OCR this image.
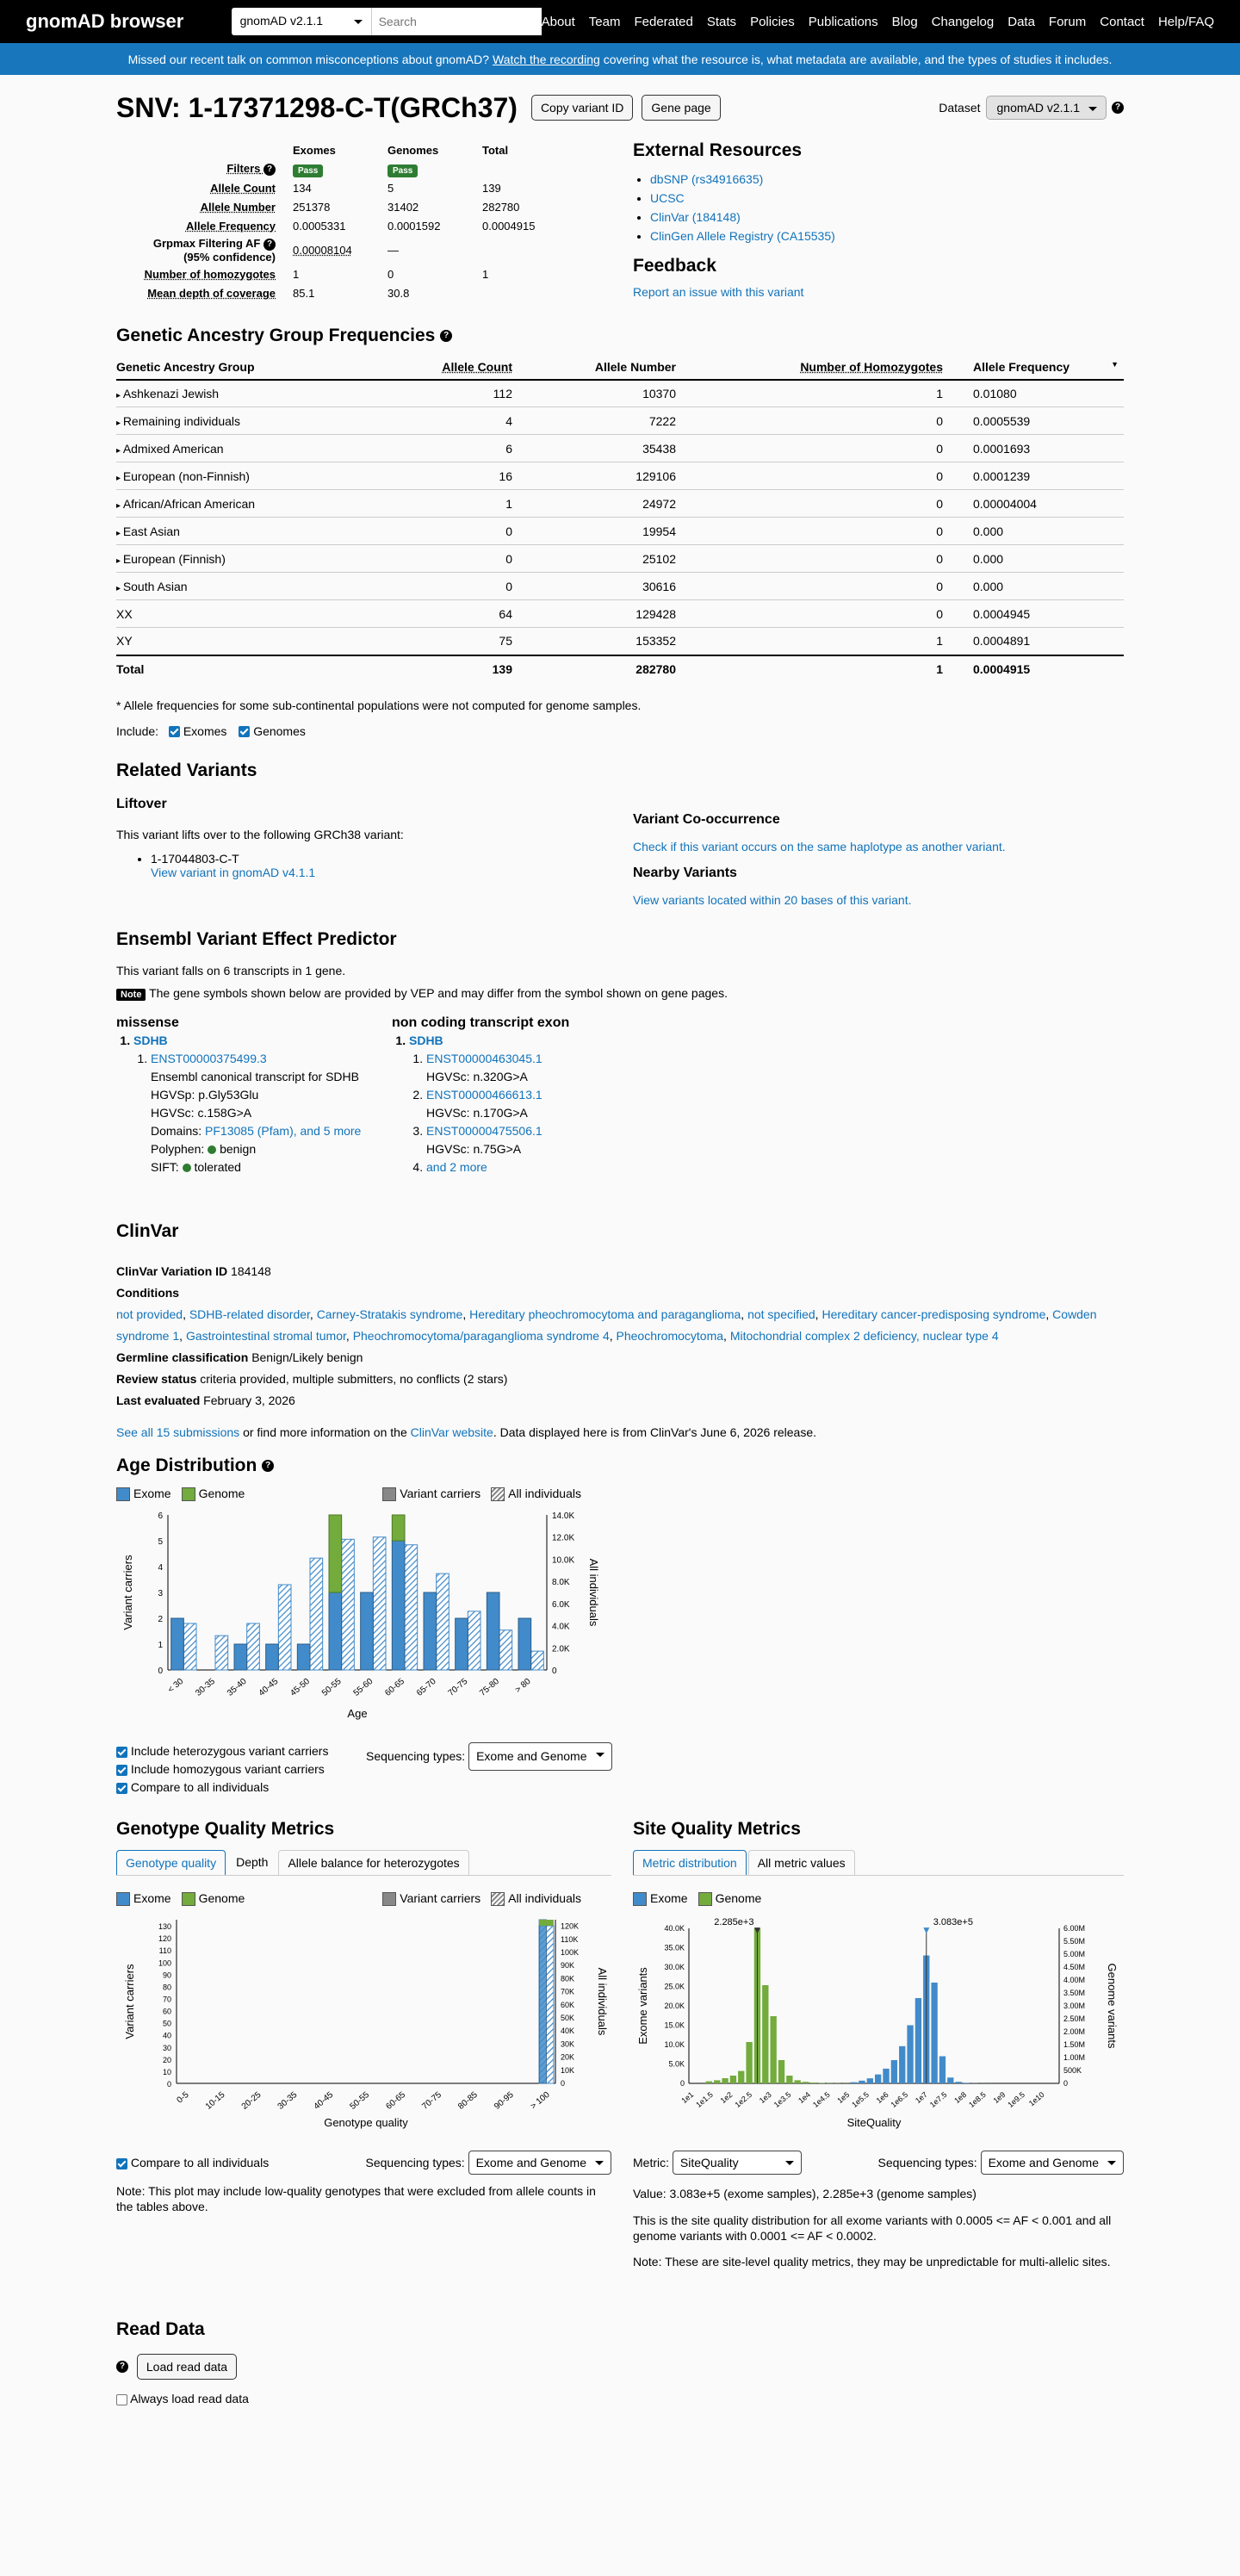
gnomAD browser	gnomAD v2.1.1
Search	About Team Federated Stats Policies Publications Blog Changelog Data Forum Contact Help/FAQ
Missed our recent talk on common misconceptions about gnomAD? Watch the recording covering what the resource is, what metadata are available, and the types of studies it includes.
SNV: 1-17371298-C-T(GRCh37)	Copy variant ID	Gene page	Dataset	gnomAD v2.1.1	?
	Exomes	Genomes	Total
Filters ?	Pass	Pass	
Allele Count	134	5	139
Allele Number	251378	31402	282780
Allele Frequency	0.0005331	0.0001592	0.0004915
Grpmax Filtering AF ?
(95% confidence)	0.00008104	—	
Number of homozygotes	1	0	1
Mean depth of coverage	85.1	30.8	
External Resources
• dbSNP (rs34916635)
• UCSC
• ClinVar (184148)
• ClinGen Allele Registry (CA15535)
Feedback
Report an issue with this variant
Genetic Ancestry Group Frequencies ?
Genetic Ancestry Group	Allele Count	Allele Number	Number of Homozygotes	Allele Frequency ▼

▸ Ashkenazi Jewish	112	10370	1	0.01080
▸ Remaining individuals	4	7222	0	0.0005539
▸ Admixed American	6	35438	0	0.0001693
▸ European (non-Finnish)	16	129106	0	0.0001239
▸ African/African American	1	24972	0	0.00004004
▸ East Asian	0	19954	0	0.000
▸ European (Finnish)	0	25102	0	0.000
▸ South Asian	0	30616	0	0.000
XX	64	129428	0	0.0004945
XY	75	153352	1	0.0004891
Total	139	282780	1	0.0004915
* Allele frequencies for some sub-continental populations were not computed for genome samples.
Include: Exomes Genomes
Related Variants
Liftover
This variant lifts over to the following GRCh38 variant:
• 1-17044803-C-T
View variant in gnomAD v4.1.1
Variant Co-occurrence
Check if this variant occurs on the same haplotype as another variant.
Nearby Variants
View variants located within 20 bases of this variant.
Ensembl Variant Effect Predictor
This variant falls on 6 transcripts in 1 gene.
Note The gene symbols shown below are provided by VEP and may differ from the symbol shown on gene pages.
missense
1. SDHB
1. ENST00000375499.3
Ensembl canonical transcript for SDHB
HGVSp: p.Gly53Glu
HGVSc: c.158G>A
Domains: PF13085 (Pfam), and 5 more
Polyphen: benign
SIFT: tolerated
non coding transcript exon
1. SDHB
1. ENST00000463045.1
HGVSc: n.320G>A
2. ENST00000466613.1
HGVSc: n.170G>A
3. ENST00000475506.1
HGVSc: n.75G>A
4. and 2 more
ClinVar
ClinVar Variation ID 184148
Conditions
not provided, SDHB-related disorder, Carney-Stratakis syndrome, Hereditary pheochromocytoma and paraganglioma, not specified, Hereditary cancer-predisposing syndrome, Cowden syndrome 1, Gastrointestinal stromal tumor, Pheochromocytoma/paraganglioma syndrome 4, Pheochromocytoma, Mitochondrial complex 2 deficiency, nuclear type 4
Germline classification Benign/Likely benign
Review status criteria provided, multiple submitters, no conflicts (2 stars)
Last evaluated February 3, 2026
See all 15 submissions or find more information on the ClinVar website. Data displayed here is from ClinVar's June 6, 2026 release.
Age Distribution ?
Exome	Genome	Variant carriers	All individuals
0
1
2
3
4
5
6
0
2.0K
4.0K
6.0K
8.0K
10.0K
12.0K
14.0K
< 30 30-35 35-40 40-45 45-50 50-55 55-60 60-65 65-70 70-75 75-80 > 80
Age
Variant carriers	All individuals
Include heterozygous variant carriers
Include homozygous variant carriers
Compare to all individuals
Sequencing types: Exome and Genome
Genotype Quality Metrics
Genotype quality	Depth	Allele balance for heterozygotes
Exome	Genome	Variant carriers	All individuals
0
10
20
30
40
50
60
70
80
90
100
110
120
130
0
10K
20K
30K
40K
50K
60K
70K
80K
90K
100K
110K
120K
0-5 10-15 20-25 30-35 40-45 50-55 60-65 70-75 80-85 90-95 > 100
Genotype quality
Variant carriers	All individuals
Compare to all individuals	Sequencing types: Exome and Genome
Note: This plot may include low-quality genotypes that were excluded from allele counts in the tables above.
Site Quality Metrics
Metric distribution	All metric values
Exome	Genome
0
5.0K
10.0K
15.0K
20.0K
25.0K
30.0K
35.0K
40.0K
0
500K
1.00M
1.50M
2.00M
2.50M
3.00M
3.50M
4.00M
4.50M
5.00M
5.50M
6.00M
1e1
1e1.5 1e2
1e2.5 1e3
1e3.5 1e4
1e4.5 1e5
1e5.5 1e6
1e6.5 1e7
1e7.5 1e8
1e8.5 1e9
1e9.5 1e10
2.285e+3
▼
3.083e+5
▼
SiteQuality
Exome variants	Genome variants
Metric: SiteQuality	Sequencing types: Exome and Genome
Value: 3.083e+5 (exome samples), 2.285e+3 (genome samples)
This is the site quality distribution for all exome variants with 0.0005 <= AF < 0.001 and all genome variants with 0.0001 <= AF < 0.0002.
Note: These are site-level quality metrics, they may be unpredictable for multi-allelic sites.
Read Data
? Load read data
Always load read data
